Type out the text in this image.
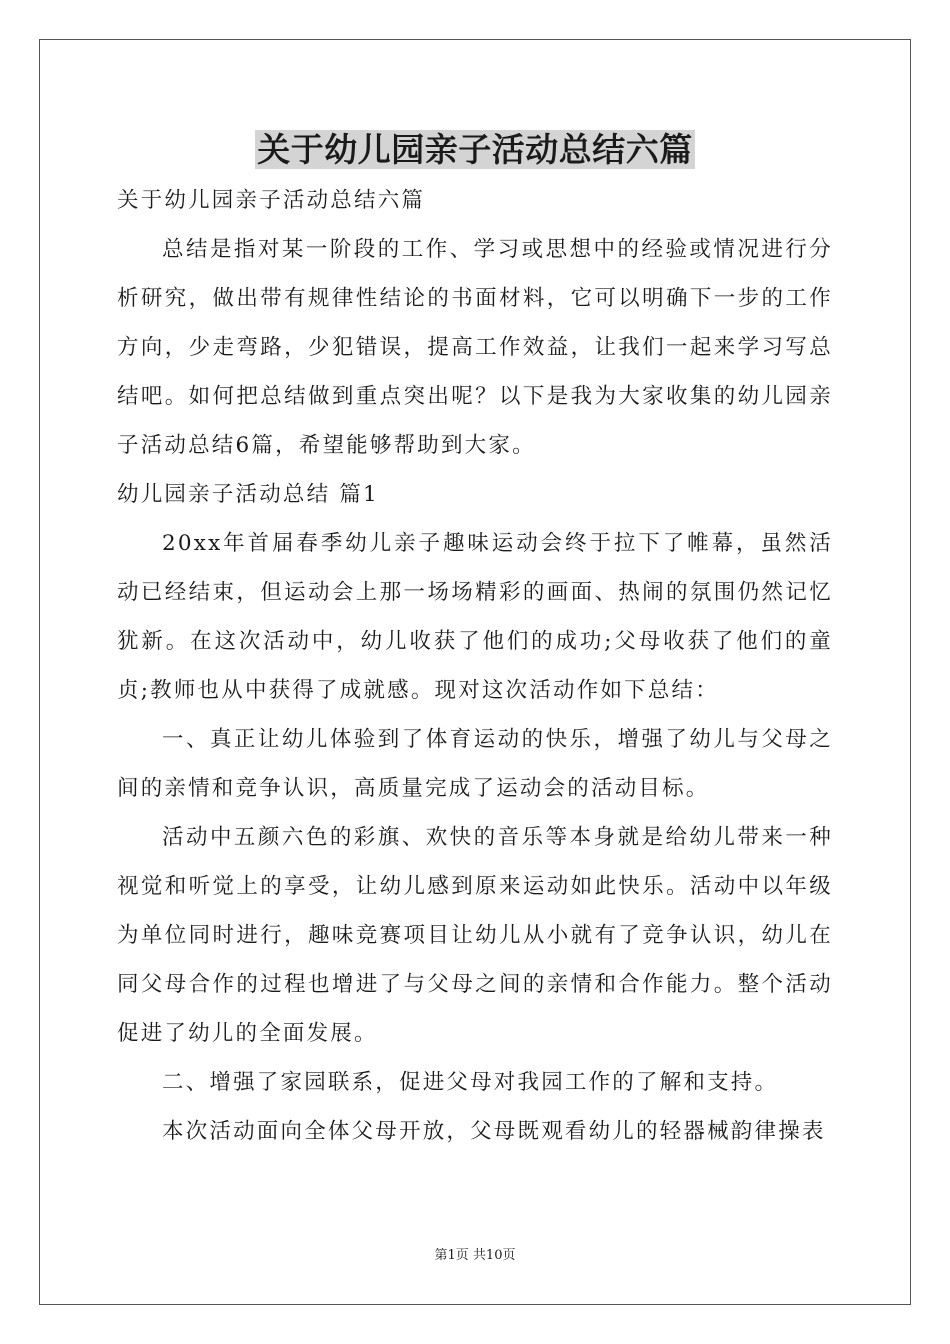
关于幼儿园亲子活动总结六篇

关于幼儿园亲子活动总结六篇

总结是指对某一阶段的工作、学习或思想中的经验或情况进行分析研究，做出带有规律性结论的书面材料，它可以明确下一步的工作方向，少走弯路，少犯错误，提高工作效益，让我们一起来学习写总结吧。如何把总结做到重点突出呢？以下是我为大家收集的幼儿园亲子活动总结6篇，希望能够帮助到大家。

幼儿园亲子活动总结 篇1

20xx年首届春季幼儿亲子趣味运动会终于拉下了帷幕，虽然活动已经结束，但运动会上那一场场精彩的画面、热闹的氛围仍然记忆犹新。在这次活动中，幼儿收获了他们的成功;父母收获了他们的童贞;教师也从中获得了成就感。现对这次活动作如下总结：

一、真正让幼儿体验到了体育运动的快乐，增强了幼儿与父母之间的亲情和竞争认识，高质量完成了运动会的活动目标。

活动中五颜六色的彩旗、欢快的音乐等本身就是给幼儿带来一种视觉和听觉上的享受，让幼儿感到原来运动如此快乐。活动中以年级为单位同时进行，趣味竞赛项目让幼儿从小就有了竞争认识，幼儿在同父母合作的过程也增进了与父母之间的亲情和合作能力。整个活动促进了幼儿的全面发展。

二、增强了家园联系，促进父母对我园工作的了解和支持。

本次活动面向全体父母开放，父母既观看幼儿的轻器械韵律操表

第1页 共10页
